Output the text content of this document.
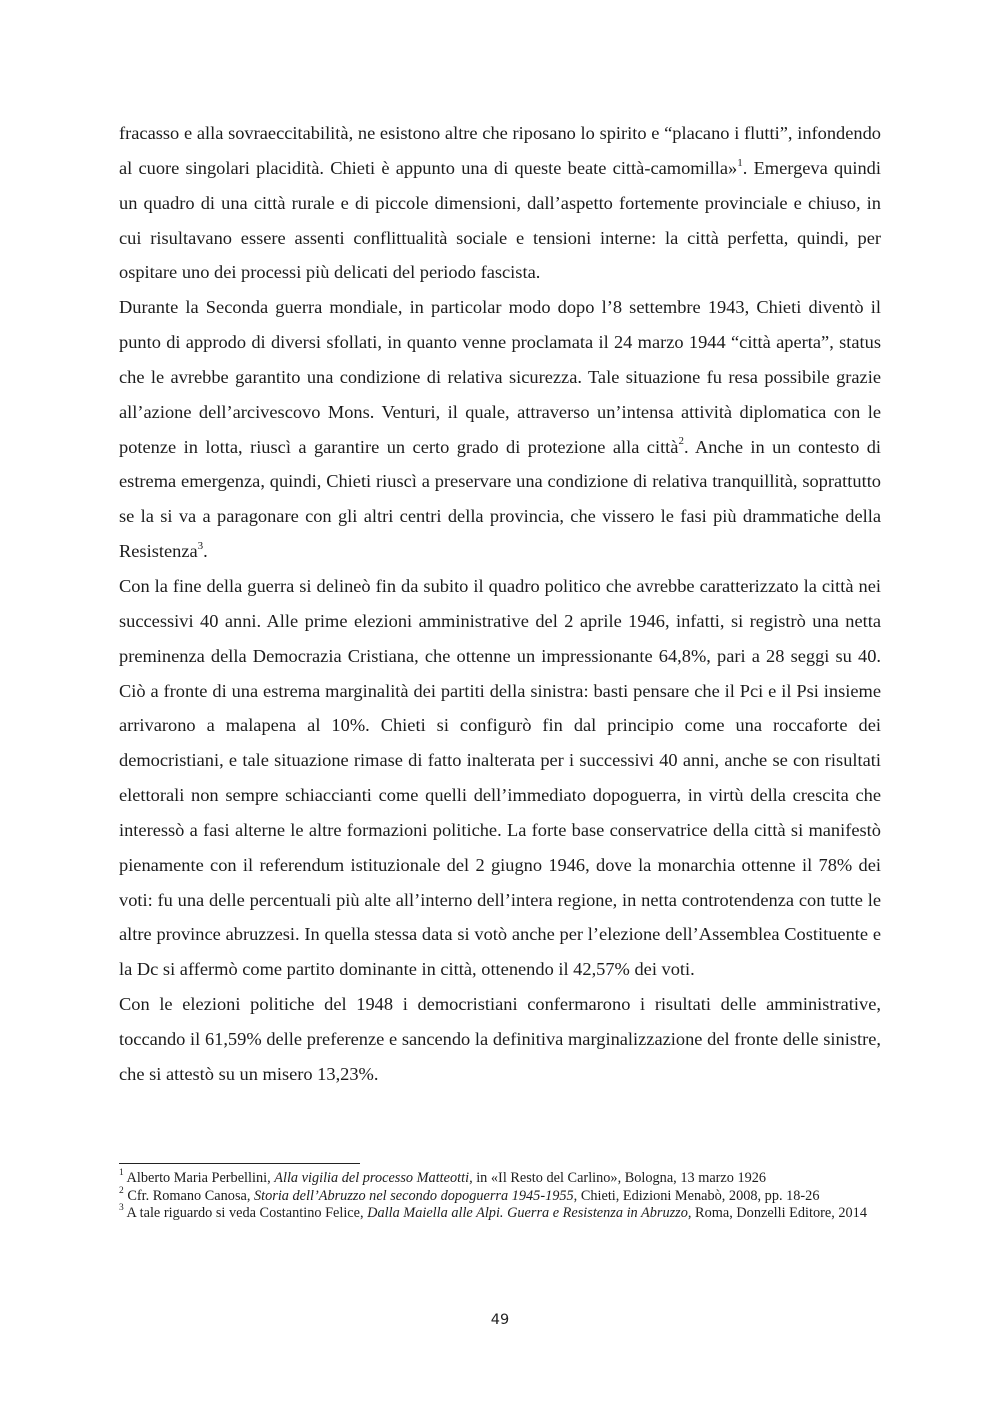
fracasso e alla sovraeccitabilità, ne esistono altre che riposano lo spirito e “placano i flutti”, infondendo al cuore singolari placidità. Chieti è appunto una di queste beate città-camomilla»$^1$. Emergeva quindi un quadro di una città rurale e di piccole dimensioni, dall’aspetto fortemente provinciale e chiuso, in cui risultavano essere assenti conflittualità sociale e tensioni interne: la città perfetta, quindi, per ospitare uno dei processi più delicati del periodo fascista.

Durante la Seconda guerra mondiale, in particolar modo dopo l’8 settembre 1943, Chieti diventò il punto di approdo di diversi sfollati, in quanto venne proclamata il 24 marzo 1944 “città aperta”, status che le avrebbe garantito una condizione di relativa sicurezza. Tale situazione fu resa possibile grazie all’azione dell’arcivescovo Mons. Venturi, il quale, attraverso un’intensa attività diplomatica con le potenze in lotta, riuscì a garantire un certo grado di protezione alla città$^2$. Anche in un contesto di estrema emergenza, quindi, Chieti riuscì a preservare una condizione di relativa tranquillità, soprattutto se la si va a paragonare con gli altri centri della provincia, che vissero le fasi più drammatiche della Resistenza$^3$.

Con la fine della guerra si delineò fin da subito il quadro politico che avrebbe caratterizzato la città nei successivi 40 anni. Alle prime elezioni amministrative del 2 aprile 1946, infatti, si registrò una netta preminenza della Democrazia Cristiana, che ottenne un impressionante 64,8%, pari a 28 seggi su 40. Ciò a fronte di una estrema marginalità dei partiti della sinistra: basti pensare che il Pci e il Psi insieme arrivarono a malapena al 10%. Chieti si configurò fin dal principio come una roccaforte dei democristiani, e tale situazione rimase di fatto inalterata per i successivi 40 anni, anche se con risultati elettorali non sempre schiaccianti come quelli dell’immediato dopoguerra, in virtù della crescita che interessò a fasi alterne le altre formazioni politiche. La forte base conservatrice della città si manifestò pienamente con il referendum istituzionale del 2 giugno 1946, dove la monarchia ottenne il 78% dei voti: fu una delle percentuali più alte all’interno dell’intera regione, in netta controtendenza con tutte le altre province abruzzesi. In quella stessa data si votò anche per l’elezione dell’Assemblea Costituente e la Dc si affermò come partito dominante in città, ottenendo il 42,57% dei voti.

Con le elezioni politiche del 1948 i democristiani confermarono i risultati delle amministrative, toccando il 61,59% delle preferenze e sancendo la definitiva marginalizzazione del fronte delle sinistre, che si attestò su un misero 13,23%.

$^1$ Alberto Maria Perbellini, Alla vigilia del processo Matteotti, in «Il Resto del Carlino», Bologna, 13 marzo 1926

$^2$ Cfr. Romano Canosa, Storia dell’Abruzzo nel secondo dopoguerra 1945-1955, Chieti, Edizioni Menabò, 2008, pp. 18-26

$^3$ A tale riguardo si veda Costantino Felice, Dalla Maiella alle Alpi. Guerra e Resistenza in Abruzzo, Roma, Donzelli Editore, 2014

49
